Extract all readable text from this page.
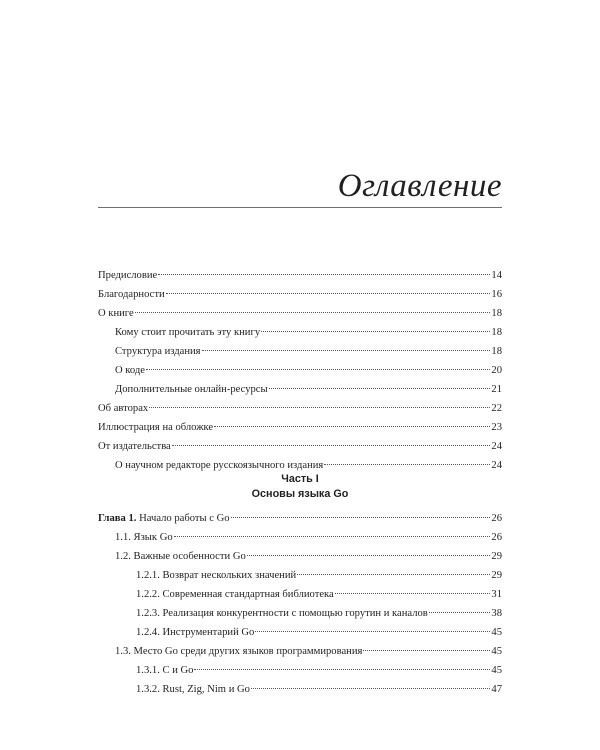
Оглавление
Предисловие	14
Благодарности	16
О книге	18
Кому стоит прочитать эту книгу	18
Структура издания	18
О коде	20
Дополнительные онлайн-ресурсы	21
Об авторах	22
Иллюстрация на обложке	23
От издательства	24
О научном редакторе русскоязычного издания	24
Часть I
Основы языка Go
Глава 1. Начало работы с Go	26
1.1. Язык Go	26
1.2. Важные особенности Go	29
1.2.1. Возврат нескольких значений	29
1.2.2. Современная стандартная библиотека	31
1.2.3. Реализация конкурентности с помощью горутин и каналов	38
1.2.4. Инструментарий Go	45
1.3. Место Go среди других языков программирования	45
1.3.1. C и Go	45
1.3.2. Rust, Zig, Nim и Go	47
